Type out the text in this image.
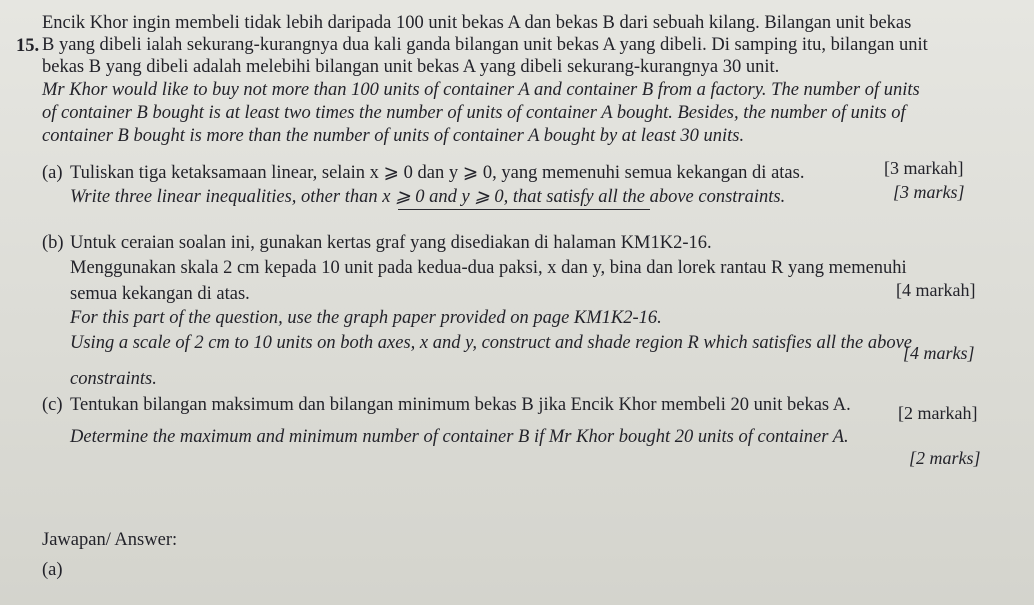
15.
Encik Khor ingin membeli tidak lebih daripada 100 unit bekas A dan bekas B dari sebuah kilang. Bilangan unit bekas
B yang dibeli ialah sekurang-kurangnya dua kali ganda bilangan unit bekas A yang dibeli. Di samping itu, bilangan unit
bekas B yang dibeli adalah melebihi bilangan unit bekas A yang dibeli sekurang-kurangnya 30 unit.
Mr Khor would like to buy not more than 100 units of container A and container B from a factory. The number of units
of container B bought is at least two times the number of units of container A bought. Besides, the number of units of
container B bought is more than the number of units of container A bought by at least 30 units.
(a) Tuliskan tiga ketaksamaan linear, selain x ⩾ 0 dan y ⩾ 0, yang memenuhi semua kekangan di atas.	[3 markah]
Write three linear inequalities, other than x ⩾ 0 and y ⩾ 0, that satisfy all the above constraints.	[3 marks]
(b) Untuk ceraian soalan ini, gunakan kertas graf yang disediakan di halaman KM1K2-16.
Menggunakan skala 2 cm kepada 10 unit pada kedua-dua paksi, x dan y, bina dan lorek rantau R yang memenuhi
[4 markah]
semua kekangan di atas.
For this part of the question, use the graph paper provided on page KM1K2-16.
Using a scale of 2 cm to 10 units on both axes, x and y, construct and shade region R which satisfies all the above
[4 marks]
constraints.
(c) Tentukan bilangan maksimum dan bilangan minimum bekas B jika Encik Khor membeli 20 unit bekas A.	[2 markah]
Determine the maximum and minimum number of container B if Mr Khor bought 20 units of container A.
[2 marks]
Jawapan/ Answer:
(a)
